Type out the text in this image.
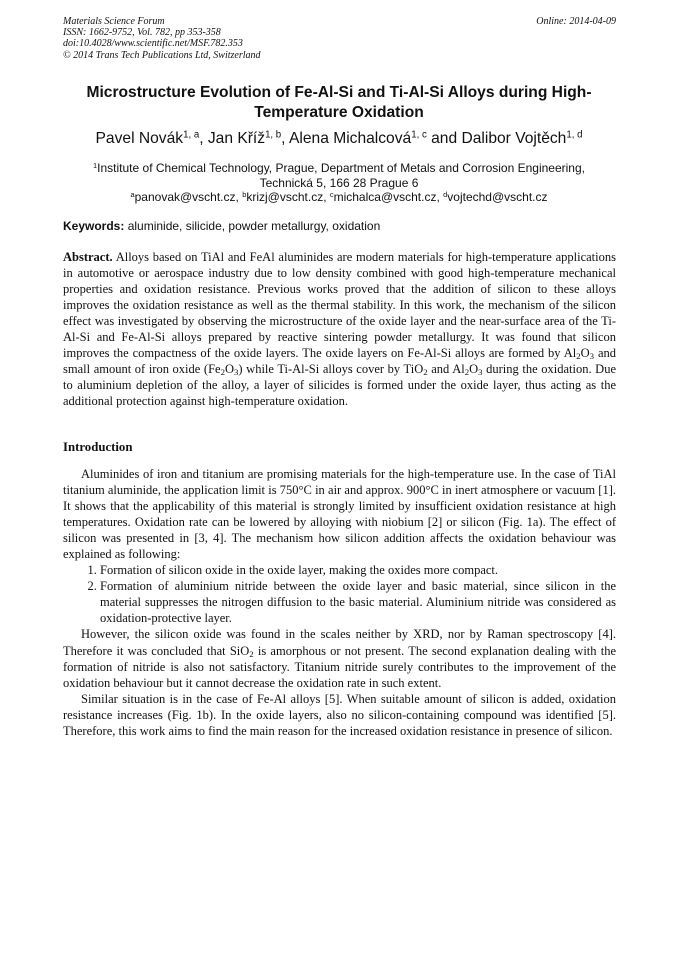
Materials Science Forum
ISSN: 1662-9752, Vol. 782, pp 353-358
doi:10.4028/www.scientific.net/MSF.782.353
© 2014 Trans Tech Publications Ltd, Switzerland
Online: 2014-04-09
Microstructure Evolution of Fe-Al-Si and Ti-Al-Si Alloys during High-Temperature Oxidation
Pavel Novák$^{1, a}$, Jan Kříž$^{1, b}$, Alena Michalcová$^{1, c}$ and Dalibor Vojtěch$^{1, d}$
$^1$Institute of Chemical Technology, Prague, Department of Metals and Corrosion Engineering,
Technická 5, 166 28 Prague 6
$^a$panovak@vscht.cz, $^b$krizj@vscht.cz, $^c$michalca@vscht.cz, $^d$vojtechd@vscht.cz
Keywords: aluminide, silicide, powder metallurgy, oxidation
Abstract. Alloys based on TiAl and FeAl aluminides are modern materials for high-temperature applications in automotive or aerospace industry due to low density combined with good high-temperature mechanical properties and oxidation resistance. Previous works proved that the addition of silicon to these alloys improves the oxidation resistance as well as the thermal stability. In this work, the mechanism of the silicon effect was investigated by observing the microstructure of the oxide layer and the near-surface area of the Ti-Al-Si and Fe-Al-Si alloys prepared by reactive sintering powder metallurgy. It was found that silicon improves the compactness of the oxide layers. The oxide layers on Fe-Al-Si alloys are formed by $Al_2O_3$ and small amount of iron oxide $(Fe_2O_3)$ while Ti-Al-Si alloys cover by TiO$_2$ and $Al_2O_3$ during the oxidation. Due to aluminium depletion of the alloy, a layer of silicides is formed under the oxide layer, thus acting as the additional protection against high-temperature oxidation.
Introduction

Aluminides of iron and titanium are promising materials for the high-temperature use. In the case of TiAl titanium aluminide, the application limit is 750°C in air and approx. 900°C in inert atmosphere or vacuum [1]. It shows that the applicability of this material is strongly limited by insufficient oxidation resistance at high temperatures. Oxidation rate can be lowered by alloying with niobium [2] or silicon (Fig. 1a). The effect of silicon was presented in [3, 4]. The mechanism how silicon addition affects the oxidation behaviour was explained as following:

1. Formation of silicon oxide in the oxide layer, making the oxides more compact.
2. Formation of aluminium nitride between the oxide layer and basic material, since silicon in the material suppresses the nitrogen diffusion to the basic material. Aluminium nitride was considered as oxidation-protective layer.

However, the silicon oxide was found in the scales neither by XRD, nor by Raman spectroscopy [4]. Therefore it was concluded that SiO$_2$ is amorphous or not present. The second explanation dealing with the formation of nitride is also not satisfactory. Titanium nitride surely contributes to the improvement of the oxidation behaviour but it cannot decrease the oxidation rate in such extent.

Similar situation is in the case of Fe-Al alloys [5]. When suitable amount of silicon is added, oxidation resistance increases (Fig. 1b). In the oxide layers, also no silicon-containing compound was identified [5]. Therefore, this work aims to find the main reason for the increased oxidation resistance in presence of silicon.
